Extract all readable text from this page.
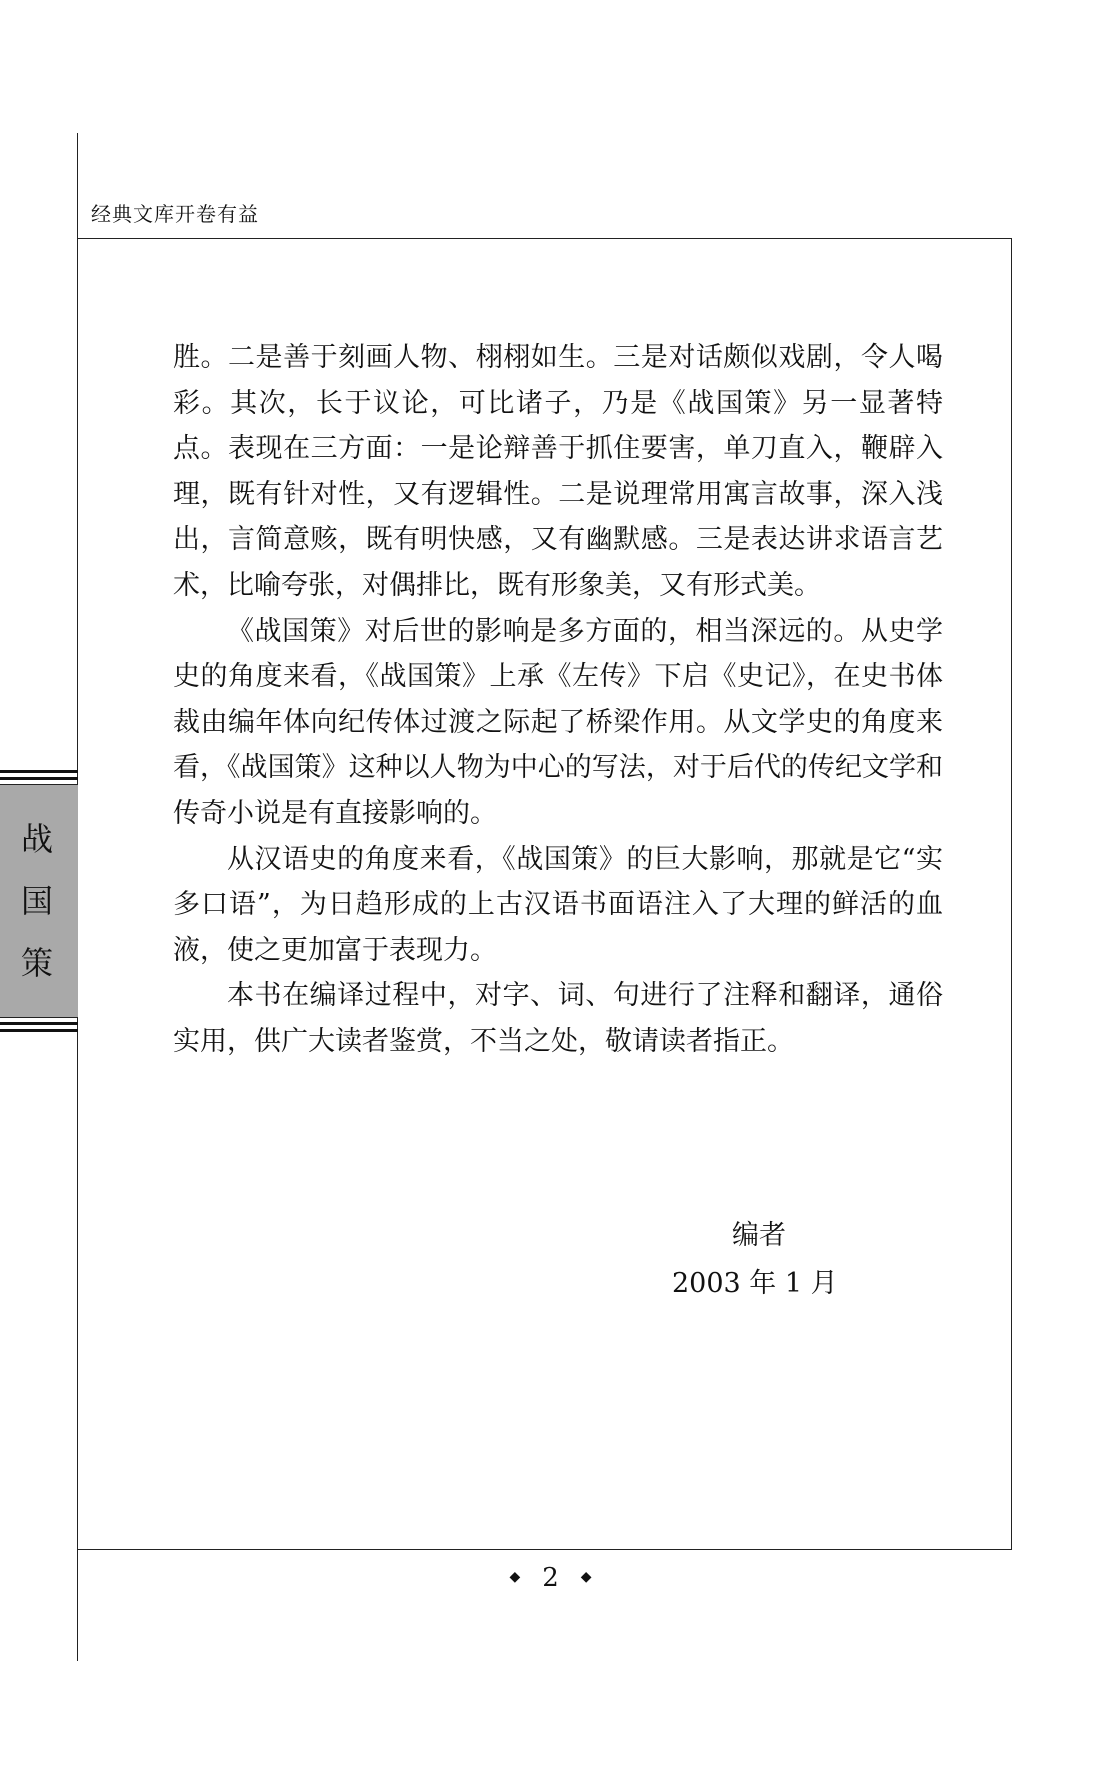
经典文库开卷有益
战
国
策

胜。二是善于刻画人物、栩栩如生。三是对话颇似戏剧，令人喝彩。其次，长于议论，可比诸子，乃是《战国策》另一显著特点。表现在三方面：一是论辩善于抓住要害，单刀直入，鞭辟入理，既有针对性，又有逻辑性。二是说理常用寓言故事，深入浅出，言简意赅，既有明快感，又有幽默感。三是表达讲求语言艺术，比喻夸张，对偶排比，既有形象美，又有形式美。

《战国策》对后世的影响是多方面的，相当深远的。从史学史的角度来看，《战国策》上承《左传》下启《史记》，在史书体裁由编年体向纪传体过渡之际起了桥梁作用。从文学史的角度来看，《战国策》这种以人物为中心的写法，对于后代的传纪文学和传奇小说是有直接影响的。

从汉语史的角度来看，《战国策》的巨大影响，那就是它“实多口语”，为日趋形成的上古汉语书面语注入了大理的鲜活的血液，使之更加富于表现力。

本书在编译过程中，对字、词、句进行了注释和翻译，通俗实用，供广大读者鉴赏，不当之处，敬请读者指正。

编者
2003 年 1 月
◆ 2 ◆
